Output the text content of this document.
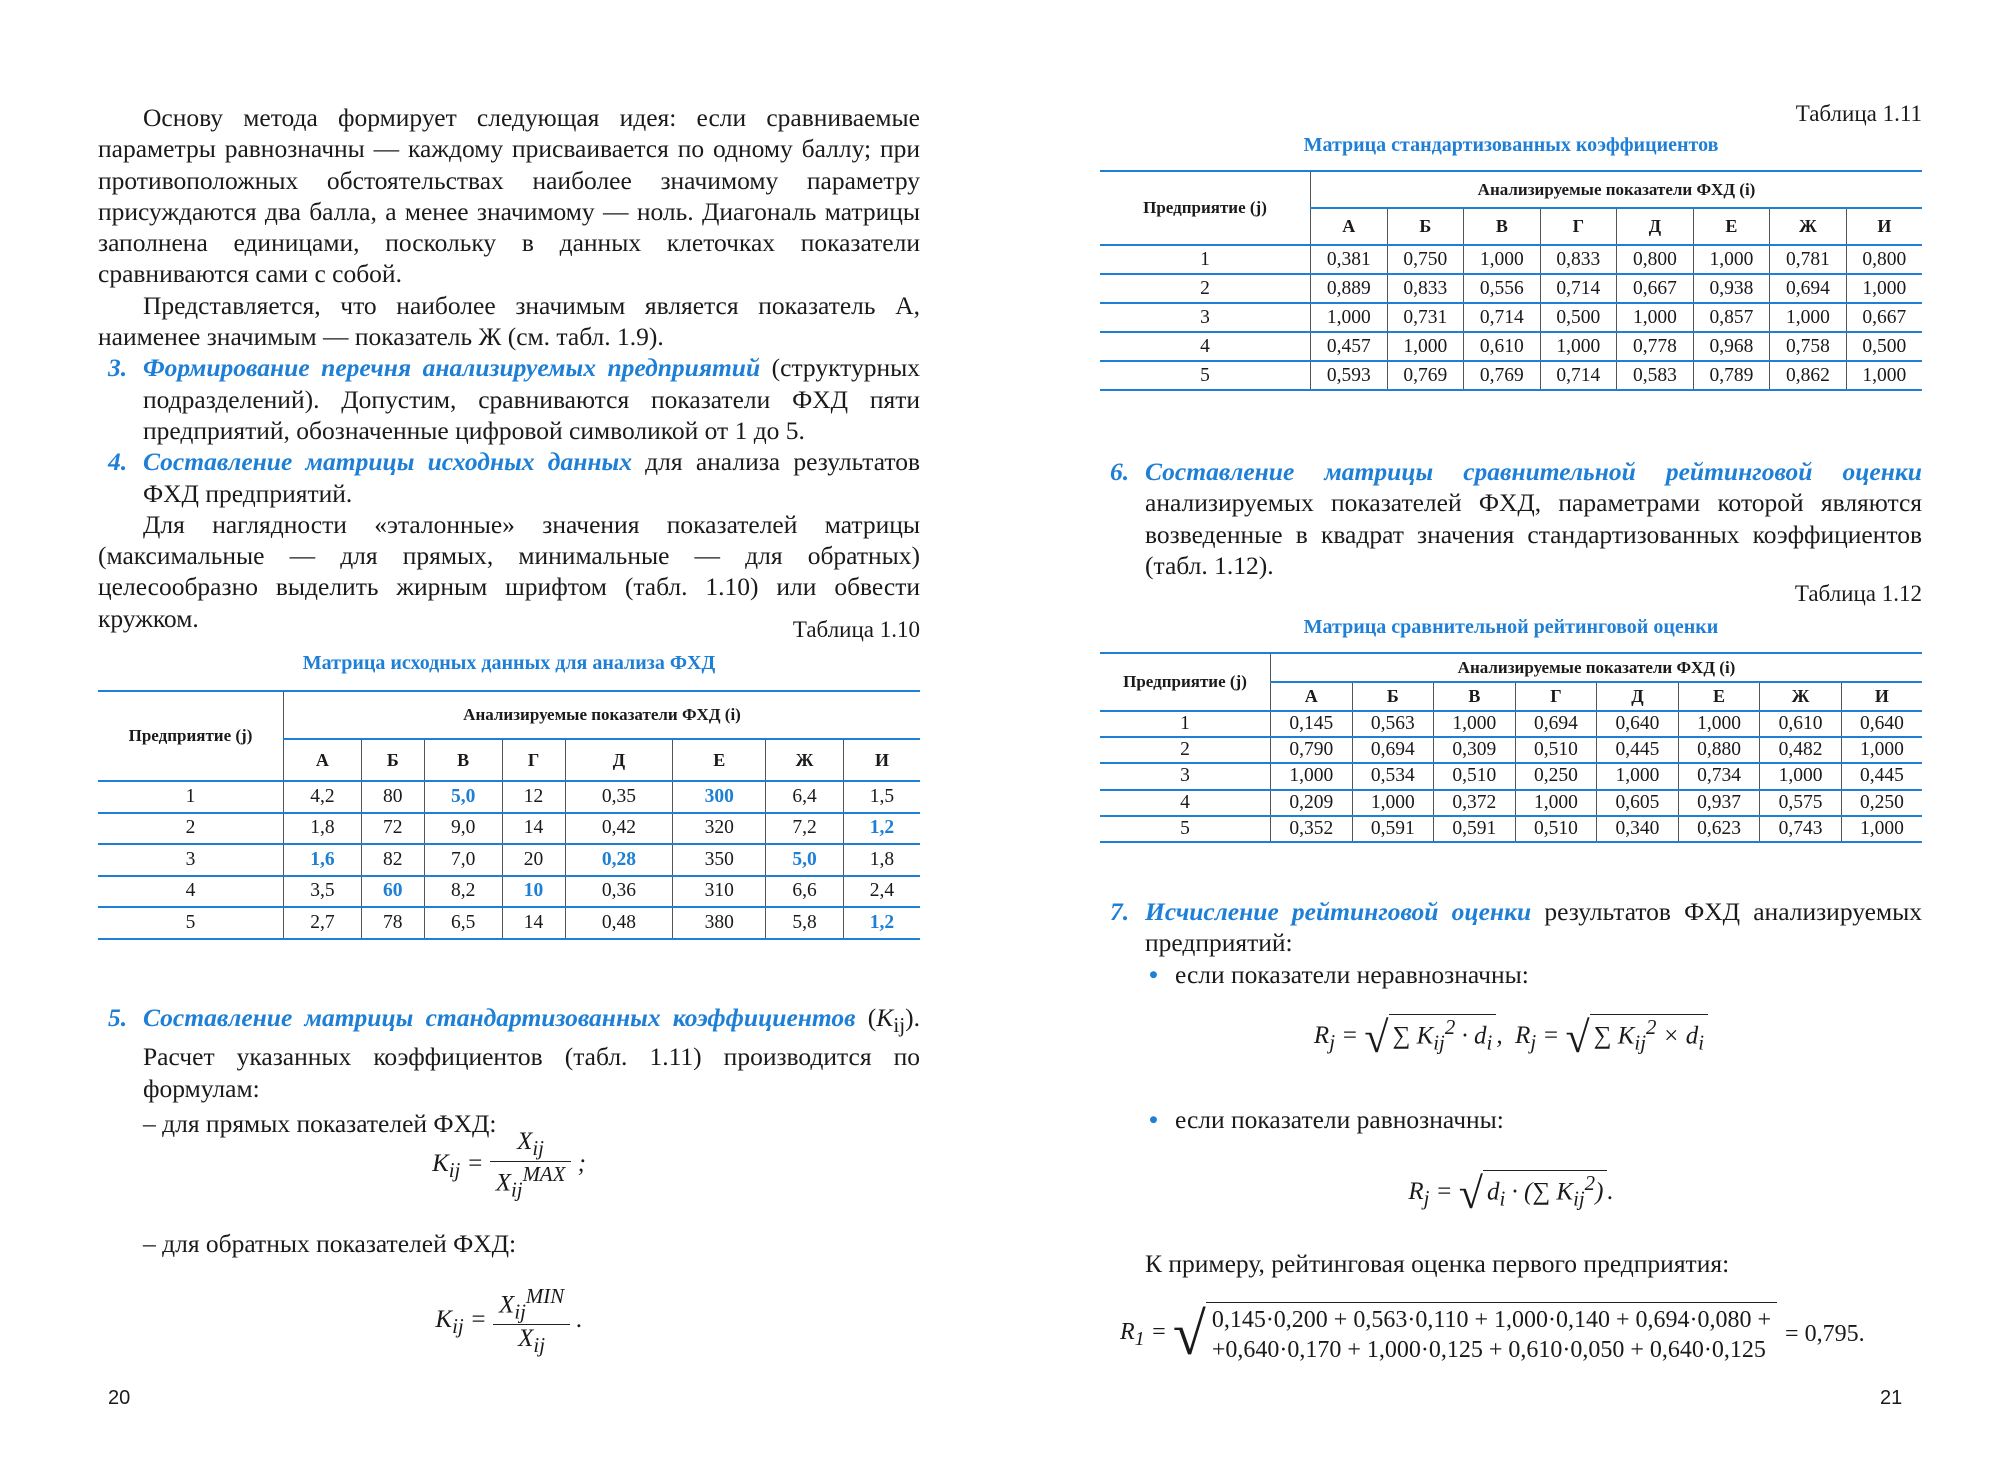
Основу метода формирует следующая идея: если сравниваемые параметры равнозначны — каждому присваивается по одному баллу; при противоположных обстоятельствах наиболее значимому параметру присуждаются два балла, а менее значимому — ноль. Диагональ матрицы заполнена единицами, поскольку в данных клеточках показатели сравниваются сами с собой.

Представляется, что наиболее значимым является показатель А, наименее значимым — показатель Ж (см. табл. 1.9).

3. Формирование перечня анализируемых предприятий (структурных подразделений). Допустим, сравниваются показатели ФХД пяти предприятий, обозначенные цифровой символикой от 1 до 5.

4. Составление матрицы исходных данных для анализа результатов ФХД предприятий.

Для наглядности «эталонные» значения показателей матрицы (максимальные — для прямых, минимальные — для обратных) целесообразно выделить жирным шрифтом (табл. 1.10) или обвести кружком.	Таблица 1.10

Матрица исходных данных для анализа ФХД

Предприятие (j)	Анализируемые показатели ФХД (i)							
	А	Б	В	Г	Д	Е	Ж	И
1	4,2	80	5,0	12	0,35	300	6,4	1,5
2	1,8	72	9,0	14	0,42	320	7,2	1,2
3	1,6	82	7,0	20	0,28	350	5,0	1,8
4	3,5	60	8,2	10	0,36	310	6,6	2,4
5	2,7	78	6,5	14	0,48	380	5,8	1,2

5. Составление матрицы стандартизованных коэффициентов $(K_{ij})$. Расчет указанных коэффициентов (табл. 1.11) производится по формулам:

– для прямых показателей ФХД:

$K_{ij} = \frac{X_{ij}}{X_{ij}^{MAX}}$ ;

– для обратных показателей ФХД:

$K_{ij} = \frac{X_{ij}^{MIN}}{X_{ij}}$ .
20

Таблица 1.11

Матрица стандартизованных коэффициентов

Предприятие (j)	Анализируемые показатели ФХД (i)							
	А	Б	В	Г	Д	Е	Ж	И
1	0,381	0,750	1,000	0,833	0,800	1,000	0,781	0,800
2	0,889	0,833	0,556	0,714	0,667	0,938	0,694	1,000
3	1,000	0,731	0,714	0,500	1,000	0,857	1,000	0,667
4	0,457	1,000	0,610	1,000	0,778	0,968	0,758	0,500
5	0,593	0,769	0,769	0,714	0,583	0,789	0,862	1,000

6. Составление матрицы сравнительной рейтинговой оценки анализируемых показателей ФХД, параметрами которой являются возведенные в квадрат значения стандартизованных коэффициентов (табл. 1.12).

Таблица 1.12

Матрица сравнительной рейтинговой оценки

Предприятие (j)	Анализируемые показатели ФХД (i)							
	А	Б	В	Г	Д	Е	Ж	И
1	0,145	0,563	1,000	0,694	0,640	1,000	0,610	0,640
2	0,790	0,694	0,309	0,510	0,445	0,880	0,482	1,000
3	1,000	0,534	0,510	0,250	1,000	0,734	1,000	0,445
4	0,209	1,000	0,372	1,000	0,605	0,937	0,575	0,250
5	0,352	0,591	0,591	0,510	0,340	0,623	0,743	1,000

7. Исчисление рейтинговой оценки результатов ФХД анализируемых предприятий:

• если показатели неравнозначны:

$R_j$ = √ ∑ $K_{ij}^2 \cdot d_i$ ,  $R_j$ = √ ∑ $K_{ij}^2 \times d_i$

• если показатели равнозначны:

$R_j$ = √ $d_i$ · (∑ $K_{ij}^2$) .

К примеру, рейтинговая оценка первого предприятия:

$R_1$ = √ 0,145·0,200 + 0,563·0,110 + 1,000·0,140 + 0,694·0,080 +
+0,640·0,170 + 1,000·0,125 + 0,610·0,050 + 0,640·0,125
= 0,795.
21
